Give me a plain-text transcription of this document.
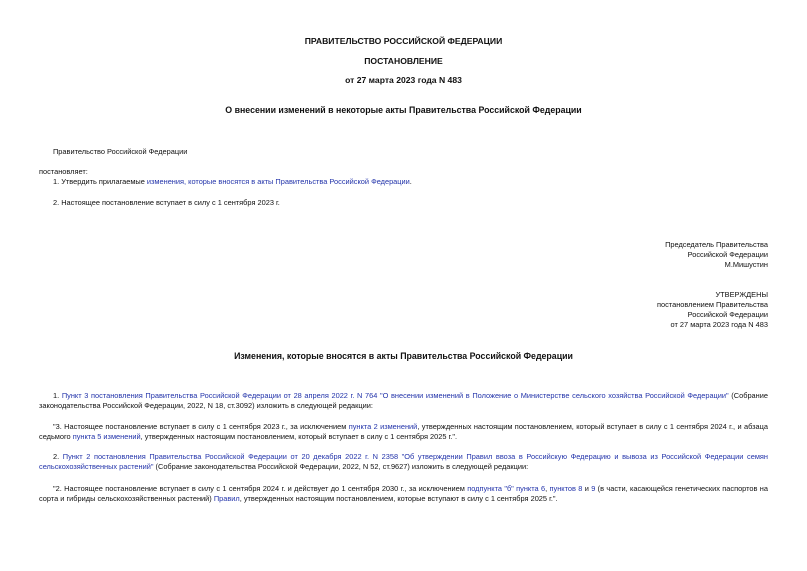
ПРАВИТЕЛЬСТВО РОССИЙСКОЙ ФЕДЕРАЦИИ
ПОСТАНОВЛЕНИЕ
от 27 марта 2023 года N 483
О внесении изменений в некоторые акты Правительства Российской Федерации
Правительство Российской Федерации
постановляет:
1. Утвердить прилагаемые изменения, которые вносятся в акты Правительства Российской Федерации.
2. Настоящее постановление вступает в силу с 1 сентября 2023 г.
Председатель Правительства
Российской Федерации
М.Мишустин
УТВЕРЖДЕНЫ
постановлением Правительства
Российской Федерации
от 27 марта 2023 года N 483
Изменения, которые вносятся в акты Правительства Российской Федерации
1. Пункт 3 постановления Правительства Российской Федерации от 28 апреля 2022 г. N 764 "О внесении изменений в Положение о Министерстве сельского хозяйства Российской Федерации" (Собрание законодательства Российской Федерации, 2022, N 18, ст.3092) изложить в следующей редакции:
"3. Настоящее постановление вступает в силу с 1 сентября 2023 г., за исключением пункта 2 изменений, утвержденных настоящим постановлением, который вступает в силу с 1 сентября 2024 г., и абзаца седьмого пункта 5 изменений, утвержденных настоящим постановлением, который вступает в силу с 1 сентября 2025 г.".
2. Пункт 2 постановления Правительства Российской Федерации от 20 декабря 2022 г. N 2358 "Об утверждении Правил ввоза в Российскую Федерацию и вывоза из Российской Федерации семян сельскохозяйственных растений" (Собрание законодательства Российской Федерации, 2022, N 52, ст.9627) изложить в следующей редакции:
"2. Настоящее постановление вступает в силу с 1 сентября 2024 г. и действует до 1 сентября 2030 г., за исключением подпункта "б" пункта 6, пунктов 8 и 9 (в части, касающейся генетических паспортов на сорта и гибриды сельскохозяйственных растений) Правил, утвержденных настоящим постановлением, которые вступают в силу с 1 сентября 2025 г.".
